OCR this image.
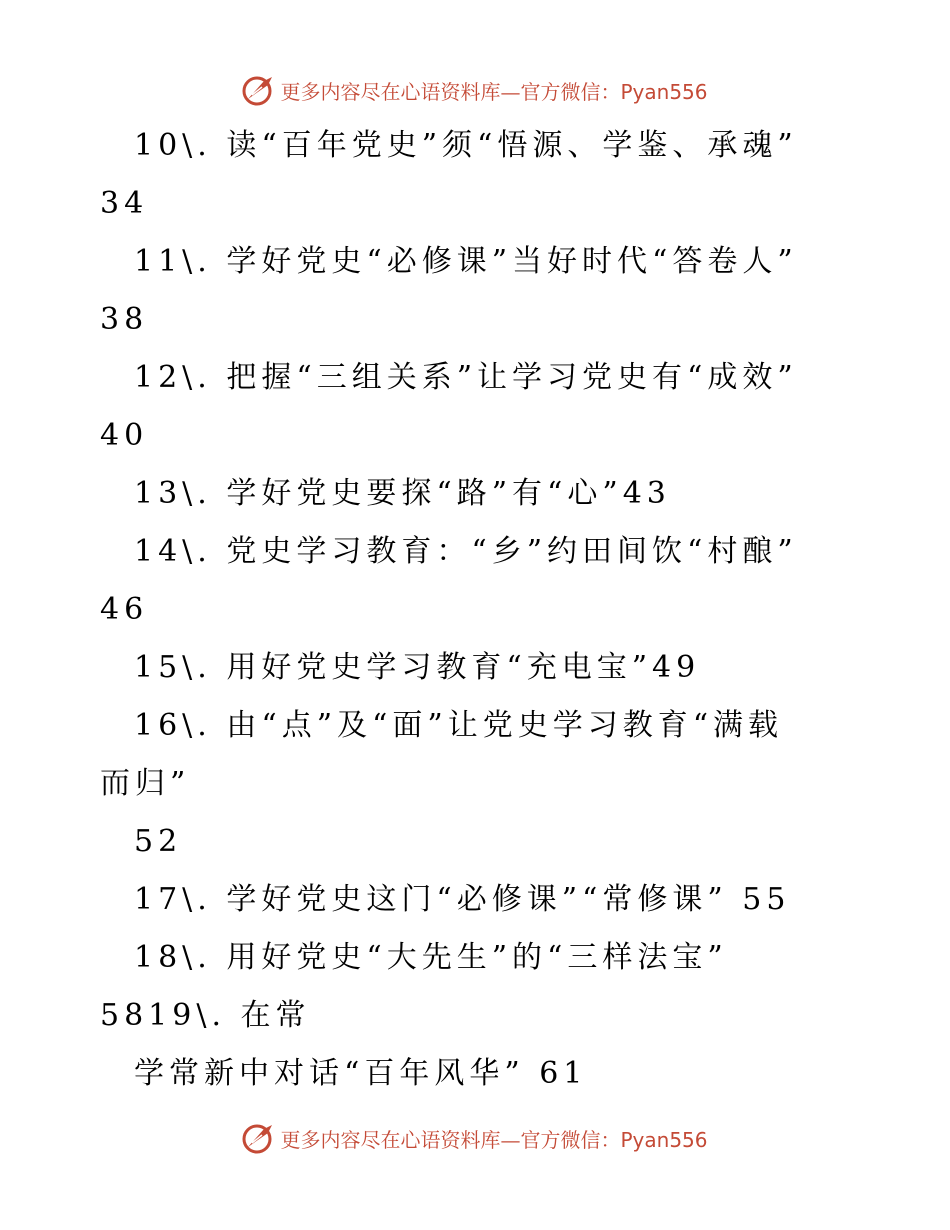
更多内容尽在心语资料库—官方微信：Pyan556
10\. 读“百年党史”须“悟源、学鉴、承魂”
34
11\. 学好党史“必修课”当好时代“答卷人”
38
12\. 把握“三组关系”让学习党史有“成效”
40
13\. 学好党史要探“路”有“心”43
14\. 党史学习教育：“乡”约田间饮“村酿”
46
15\. 用好党史学习教育“充电宝”49
16\. 由“点”及“面”让党史学习教育“满载
而归”
52
17\. 学好党史这门“必修课”“常修课” 55
18\. 用好党史“大先生”的“三样法宝”
5819\. 在常
学常新中对话“百年风华” 61
更多内容尽在心语资料库—官方微信：Pyan556
